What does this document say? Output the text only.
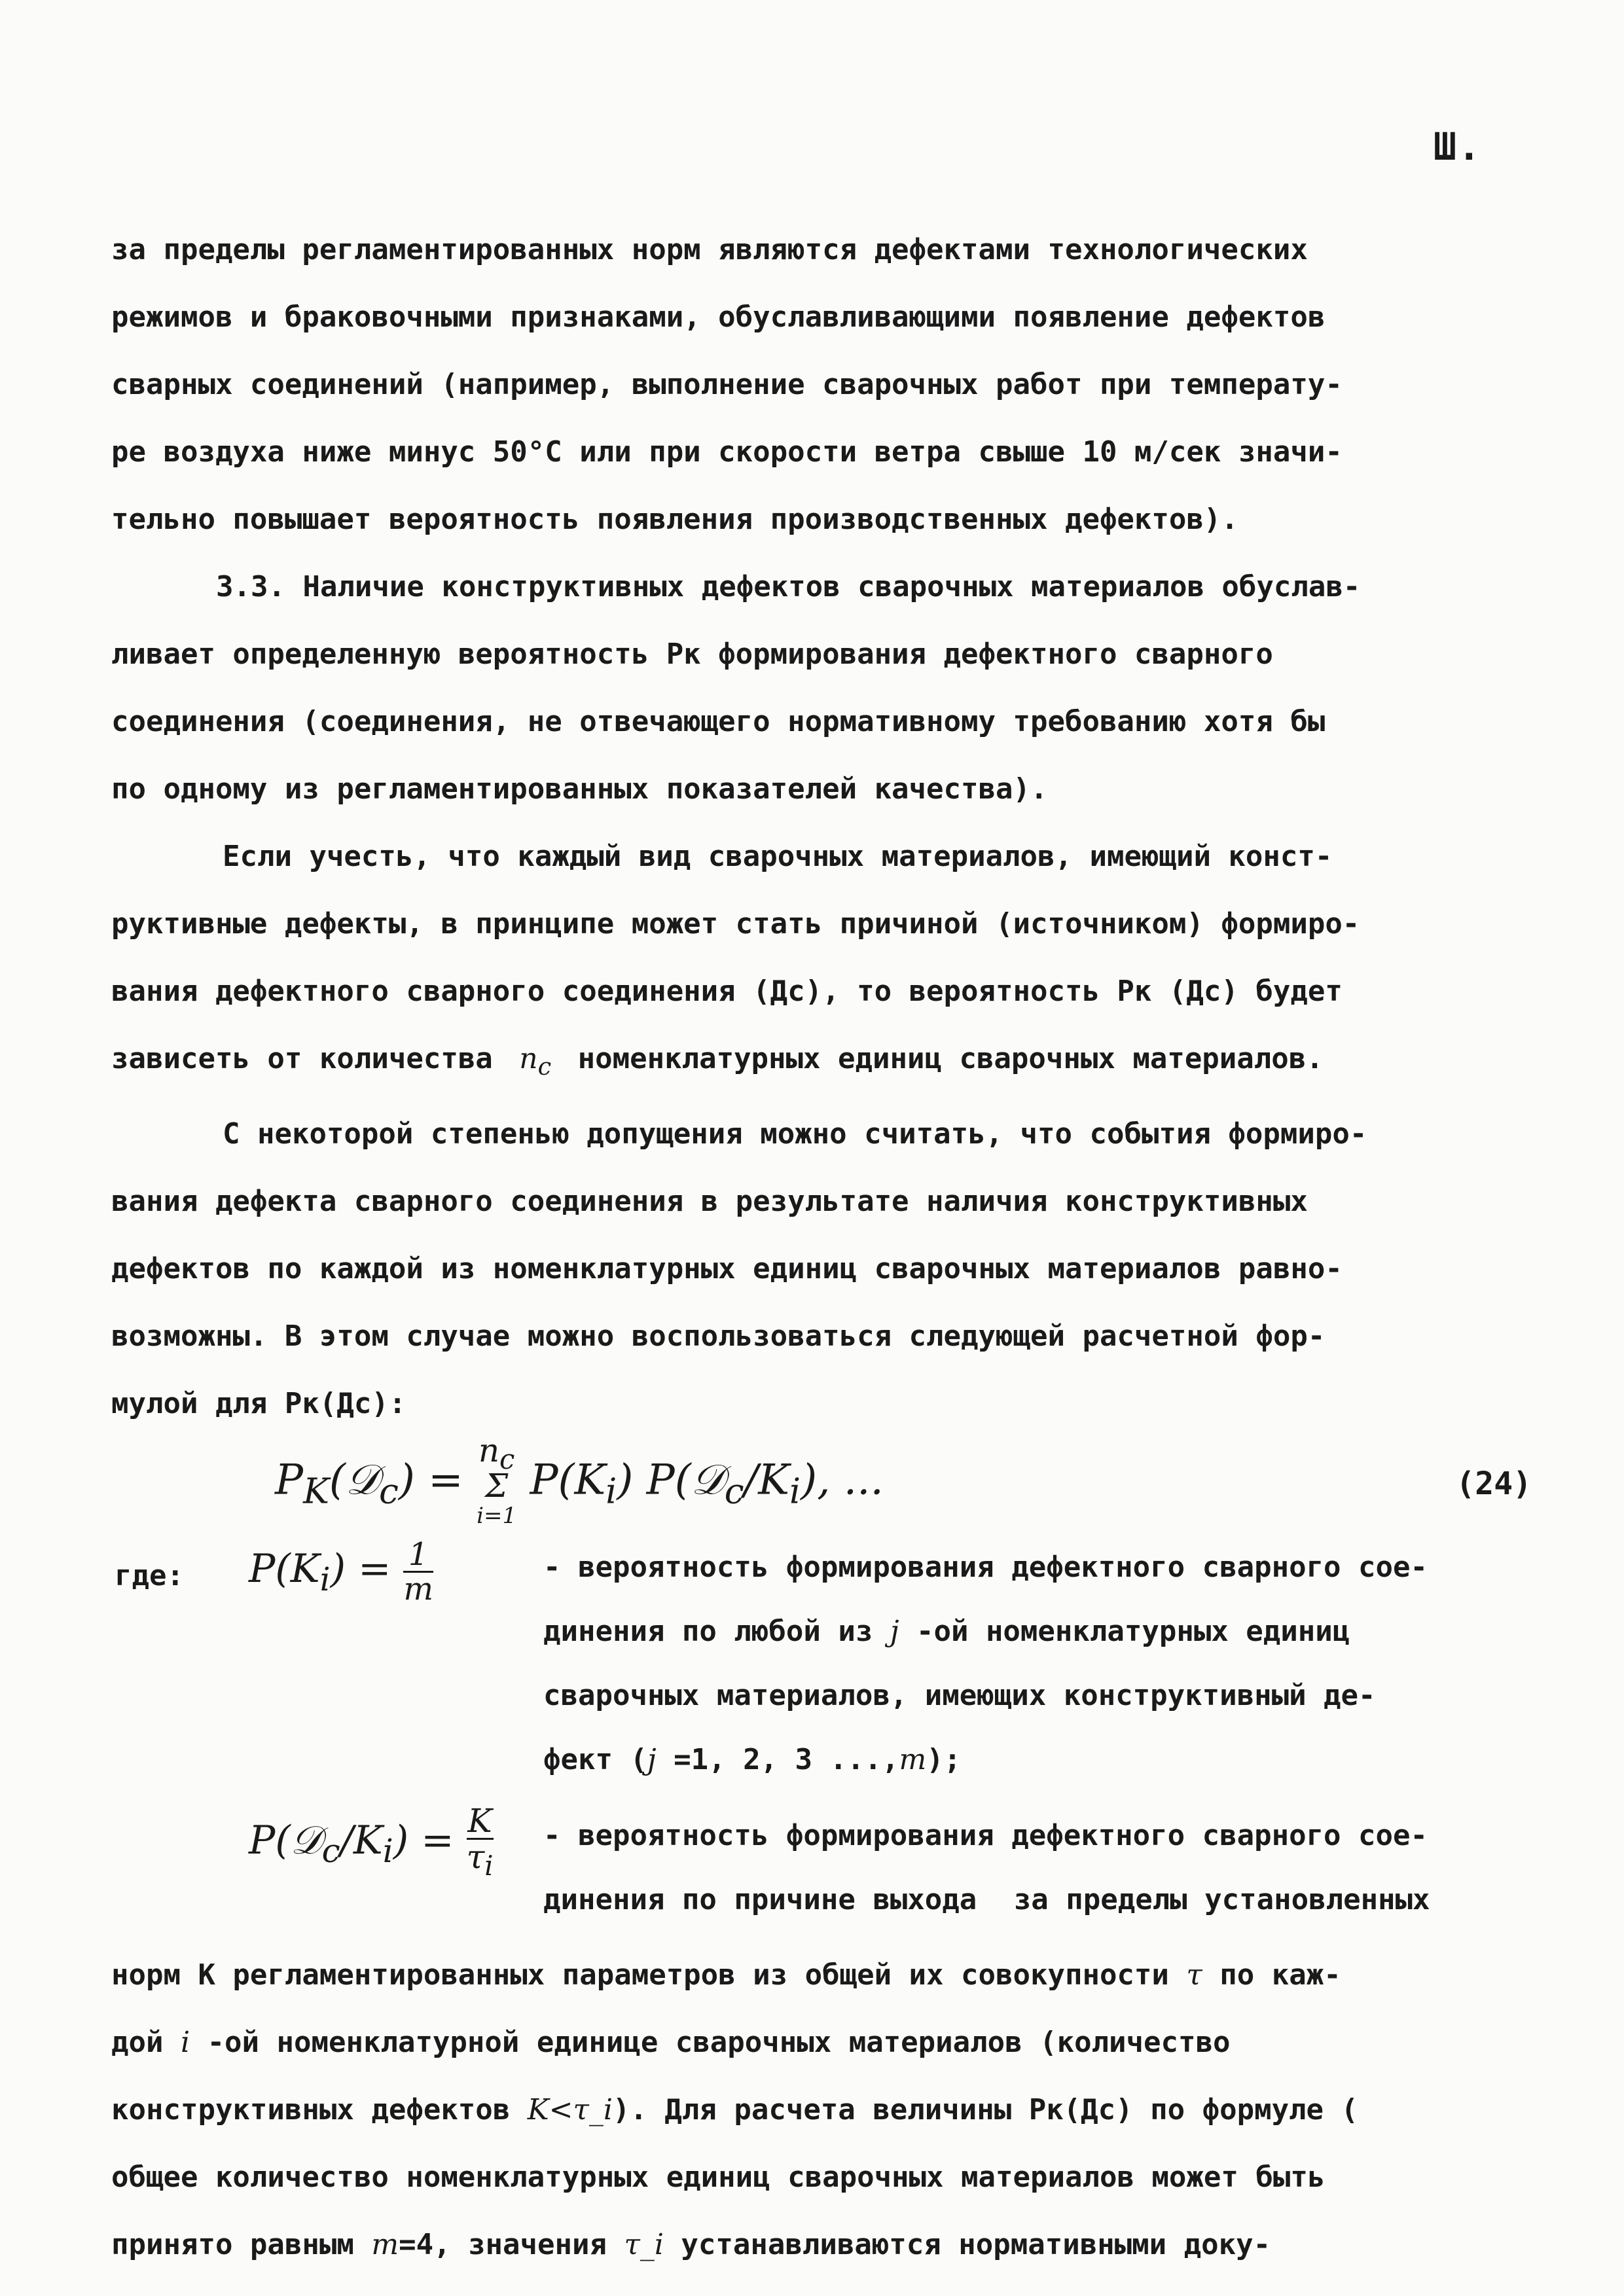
Ш.
за пределы регламентированных норм являются дефектами технологических
режимов и браковочными признаками, обуславливающими появление дефектов
сварных соединений (например, выполнение сварочных работ при температу-
ре воздуха ниже минус 50°С или при скорости ветра свыше 10 м/сек значи-
тельно повышает вероятность появления производственных дефектов).
3.3. Наличие конструктивных дефектов сварочных материалов обуслав-
ливает определенную вероятность Рк формирования дефектного сварного
соединения (соединения, не отвечающего нормативному требованию хотя бы
по одному из регламентированных показателей качества).
Если учесть, что каждый вид сварочных материалов, имеющий конст-
руктивные дефекты, в принципе может стать причиной (источником) формиро-
вания дефектного сварного соединения (Дс), то вероятность Рк (Дс) будет
зависеть от количества  $n_c$ номенклатурных единиц сварочных материалов.
С некоторой степенью допущения можно считать, что события формиро-
вания дефекта сварного соединения в результате наличия конструктивных
дефектов по каждой из номенклатурных единиц сварочных материалов равно-
возможны. В этом случае можно воспользоваться следующей расчетной фор-
мулой для Рк(Дс):
$P_K(𝒟_c) = n_c$
Σ
i=1 $P(K_i)$ $P(𝒟_c/K_i)$, ...	(24)
где: $P(K_i) = 1$
m
- вероятность формирования дефектного сварного сое-
динения по любой из j -ой номенклатурных единиц
сварочных материалов, имеющих конструктивный де-
фект (j =1, 2, 3 ...,m);
$P(𝒟_c/K_i) = K$
$\tau_i$
- вероятность формирования дефектного сварного сое-
динения по причине выхода за пределы установленных
норм К регламентированных параметров из общей их совокупности τ по каж-
дой i -ой номенклатурной единице сварочных материалов (количество
конструктивных дефектов K<τ_i). Для расчета величины Рк(Дс) по формуле (
общее количество номенклатурных единиц сварочных материалов может быть
принято равным m=4, значения τ_i устанавливаются нормативными доку-
